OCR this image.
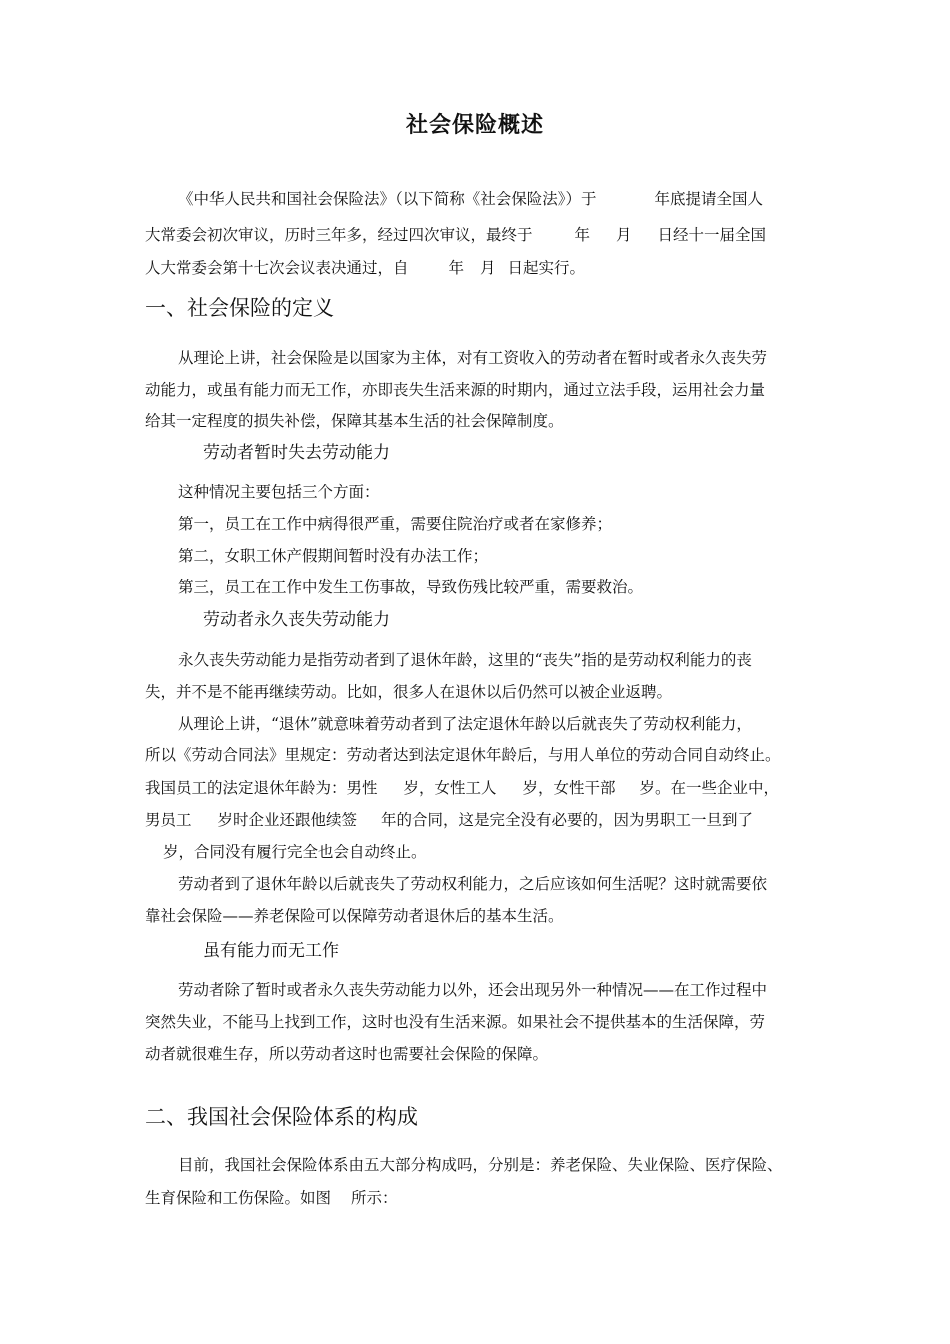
社会保险概述
《中华人民共和国社会保险法》（以下简称《社会保险法》）于	年底提请全国人
大常委会初次审议，历时三年多，经过四次审议，最终于	年 月 日经十一届全国
人大常委会第十七次会议表决通过，自	年 月 日起实行。
一、社会保险的定义
从理论上讲，社会保险是以国家为主体，对有工资收入的劳动者在暂时或者永久丧失劳
动能力，或虽有能力而无工作，亦即丧失生活来源的时期内，通过立法手段，运用社会力量
给其一定程度的损失补偿，保障其基本生活的社会保障制度。
劳动者暂时失去劳动能力
这种情况主要包括三个方面：
第一，员工在工作中病得很严重，需要住院治疗或者在家修养；
第二，女职工休产假期间暂时没有办法工作；
第三，员工在工作中发生工伤事故，导致伤残比较严重，需要救治。
劳动者永久丧失劳动能力
永久丧失劳动能力是指劳动者到了退休年龄，这里的“丧失”指的是劳动权利能力的丧
失，并不是不能再继续劳动。比如，很多人在退休以后仍然可以被企业返聘。
从理论上讲，“退休”就意味着劳动者到了法定退休年龄以后就丧失了劳动权利能力，
所以《劳动合同法》里规定：劳动者达到法定退休年龄后，与用人单位的劳动合同自动终止。
我国员工的法定退休年龄为：男性 岁，女性工人 岁，女性干部 岁。在一些企业中，
男员工 岁时企业还跟他续签 年的合同，这是完全没有必要的，因为男职工一旦到了
岁，合同没有履行完全也会自动终止。
劳动者到了退休年龄以后就丧失了劳动权利能力，之后应该如何生活呢？这时就需要依
靠社会保险——养老保险可以保障劳动者退休后的基本生活。
虽有能力而无工作
劳动者除了暂时或者永久丧失劳动能力以外，还会出现另外一种情况——在工作过程中
突然失业，不能马上找到工作，这时也没有生活来源。如果社会不提供基本的生活保障，劳
动者就很难生存，所以劳动者这时也需要社会保险的保障。
二、我国社会保险体系的构成
目前，我国社会保险体系由五大部分构成吗，分别是：养老保险、失业保险、医疗保险、
生育保险和工伤保险。如图 所示：
